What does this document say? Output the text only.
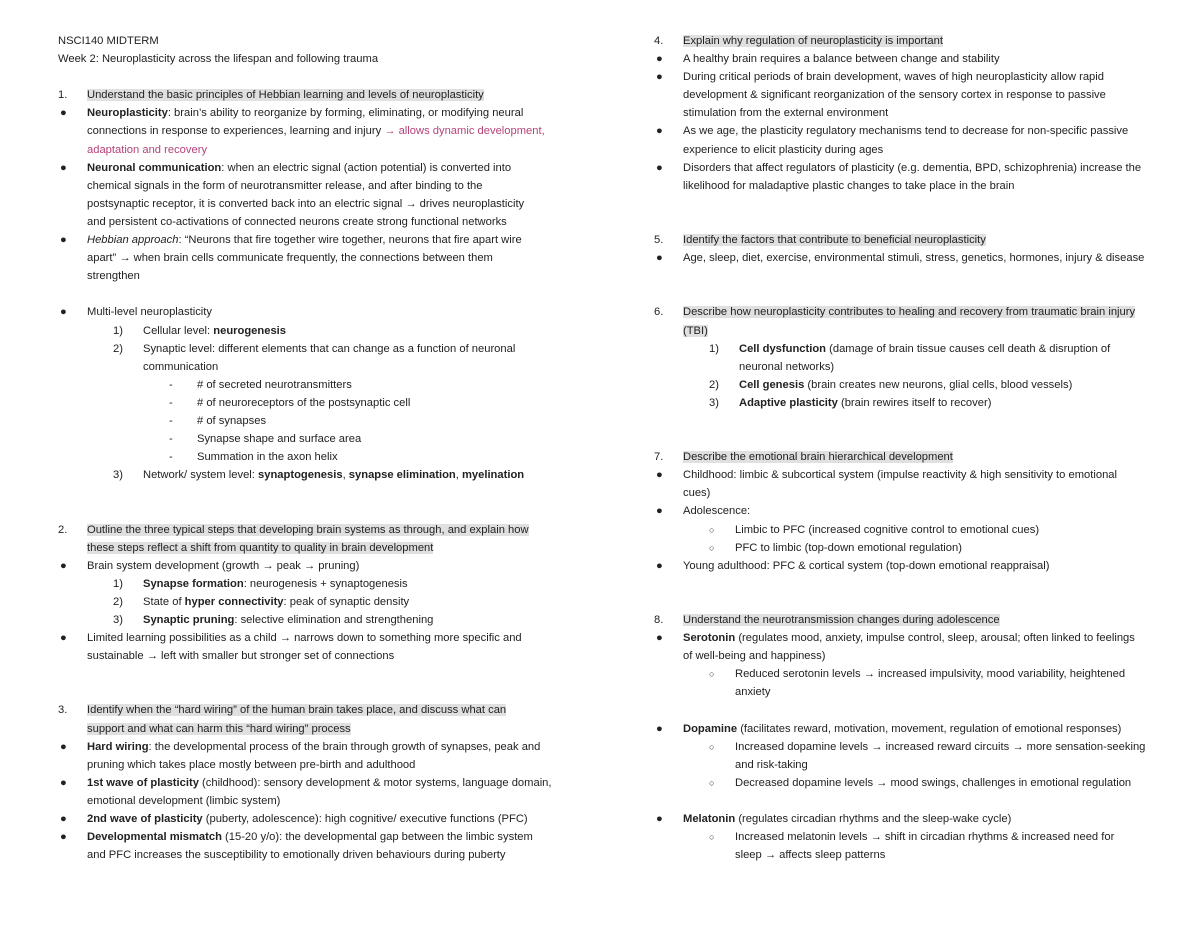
NSCI140 MIDTERM
Week 2: Neuroplasticity across the lifespan and following trauma
1.	Understand the basic principles of Hebbian learning and levels of neuroplasticity
●	Neuroplasticity: brain’s ability to reorganize by forming, eliminating, or modifying neural
connections in response to experiences, learning and injury → allows dynamic development,
adaptation and recovery
●	Neuronal communication: when an electric signal (action potential) is converted into
chemical signals in the form of neurotransmitter release, and after binding to the
postsynaptic receptor, it is converted back into an electric signal → drives neuroplasticity
and persistent co-activations of connected neurons create strong functional networks
●	Hebbian approach: “Neurons that fire together wire together, neurons that fire apart wire
apart” → when brain cells communicate frequently, the connections between them
strengthen
●	Multi-level neuroplasticity
1)	Cellular level: neurogenesis
2)	Synaptic level: different elements that can change as a function of neuronal
communication
-	# of secreted neurotransmitters
-	# of neuroreceptors of the postsynaptic cell
-	# of synapses
-	Synapse shape and surface area
-	Summation in the axon helix
3)	Network/ system level: synaptogenesis, synapse elimination, myelination
2.	Outline the three typical steps that developing brain systems as through, and explain how
these steps reflect a shift from quantity to quality in brain development
●	Brain system development (growth → peak → pruning)
1)	Synapse formation: neurogenesis + synaptogenesis
2)	State of hyper connectivity: peak of synaptic density
3)	Synaptic pruning: selective elimination and strengthening
●	Limited learning possibilities as a child → narrows down to something more specific and
sustainable → left with smaller but stronger set of connections
3.	Identify when the “hard wiring” of the human brain takes place, and discuss what can
support and what can harm this “hard wiring” process
●	Hard wiring: the developmental process of the brain through growth of synapses, peak and
pruning which takes place mostly between pre-birth and adulthood
●	1st wave of plasticity (childhood): sensory development & motor systems, language domain,
emotional development (limbic system)
●	2nd wave of plasticity (puberty, adolescence): high cognitive/ executive functions (PFC)
●	Developmental mismatch (15-20 y/o): the developmental gap between the limbic system
and PFC increases the susceptibility to emotionally driven behaviours during puberty
4.	Explain why regulation of neuroplasticity is important
●	A healthy brain requires a balance between change and stability
●	During critical periods of brain development, waves of high neuroplasticity allow rapid
development & significant reorganization of the sensory cortex in response to passive
stimulation from the external environment
●	As we age, the plasticity regulatory mechanisms tend to decrease for non-specific passive
experience to elicit plasticity during ages
●	Disorders that affect regulators of plasticity (e.g. dementia, BPD, schizophrenia) increase the
likelihood for maladaptive plastic changes to take place in the brain
5.	Identify the factors that contribute to beneficial neuroplasticity
●	Age, sleep, diet, exercise, environmental stimuli, stress, genetics, hormones, injury & disease
6.	Describe how neuroplasticity contributes to healing and recovery from traumatic brain injury
(TBI)
1)	Cell dysfunction (damage of brain tissue causes cell death & disruption of
neuronal networks)
2)	Cell genesis (brain creates new neurons, glial cells, blood vessels)
3)	Adaptive plasticity (brain rewires itself to recover)
7.	Describe the emotional brain hierarchical development
●	Childhood: limbic & subcortical system (impulse reactivity & high sensitivity to emotional
cues)
●	Adolescence:
○	Limbic to PFC (increased cognitive control to emotional cues)
○	PFC to limbic (top-down emotional regulation)
●	Young adulthood: PFC & cortical system (top-down emotional reappraisal)
8.	Understand the neurotransmission changes during adolescence
●	Serotonin (regulates mood, anxiety, impulse control, sleep, arousal; often linked to feelings
of well-being and happiness)
○	Reduced serotonin levels → increased impulsivity, mood variability, heightened
anxiety
●	Dopamine (facilitates reward, motivation, movement, regulation of emotional responses)
○	Increased dopamine levels → increased reward circuits → more sensation-seeking
and risk-taking
○	Decreased dopamine levels → mood swings, challenges in emotional regulation
●	Melatonin (regulates circadian rhythms and the sleep-wake cycle)
○	Increased melatonin levels → shift in circadian rhythms & increased need for
sleep → affects sleep patterns
